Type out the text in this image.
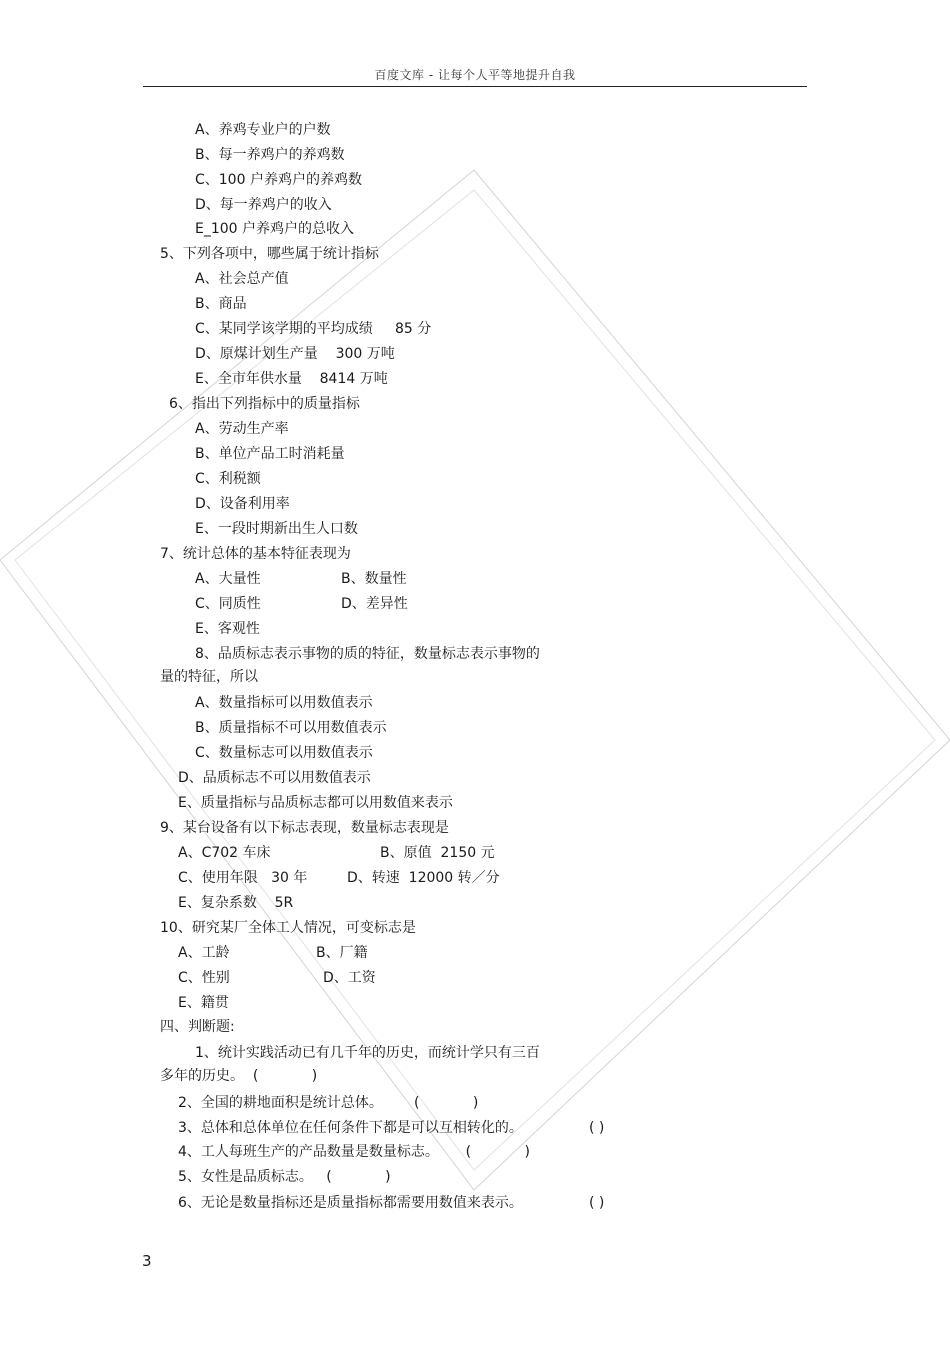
百度文库 - 让每个人平等地提升自我
A、养鸡专业户的户数
B、每一养鸡户的养鸡数
C、100 户养鸡户的养鸡数
D、每一养鸡户的收入
E_100 户养鸡户的总收入
5、下列各项中，哪些属于统计指标
A、社会总产值
B、商品
C、某同学该学期的平均成绩     85 分
D、原煤计划生产量    300 万吨
E、全市年供水量    8414 万吨
6、指出下列指标中的质量指标
A、劳动生产率
B、单位产品工时消耗量
C、利税额
D、设备利用率
E、一段时期新出生人口数
7、统计总体的基本特征表现为
A、大量性	B、数量性
C、同质性	D、差异性
E、客观性
8、品质标志表示事物的质的特征，数量标志表示事物的
量的特征，所以
A、数量指标可以用数值表示
B、质量指标不可以用数值表示
C、数量标志可以用数值表示
D、品质标志不可以用数值表示
E、质量指标与品质标志都可以用数值来表示
9、某台设备有以下标志表现，数量标志表现是
A、C702 车床	B、原值  2150 元
C、使用年限   30 年	D、转速  12000 转／分
E、复杂系数    5R
10、研究某厂全体工人情况，可变标志是
A、工龄	B、厂籍
C、性别	D、工资
E、籍贯
四、判断题:
1、统计实践活动已有几千年的历史，而统计学只有三百
多年的历史。  (            )
2、全国的耕地面积是统计总体。       (            )
3、总体和总体单位在任何条件下都是可以互相转化的。	( )
4、工人每班生产的产品数量是数量标志。      (            )
5、女性是品质标志。   (            )
6、无论是数量指标还是质量指标都需要用数值来表示。	( )
3
